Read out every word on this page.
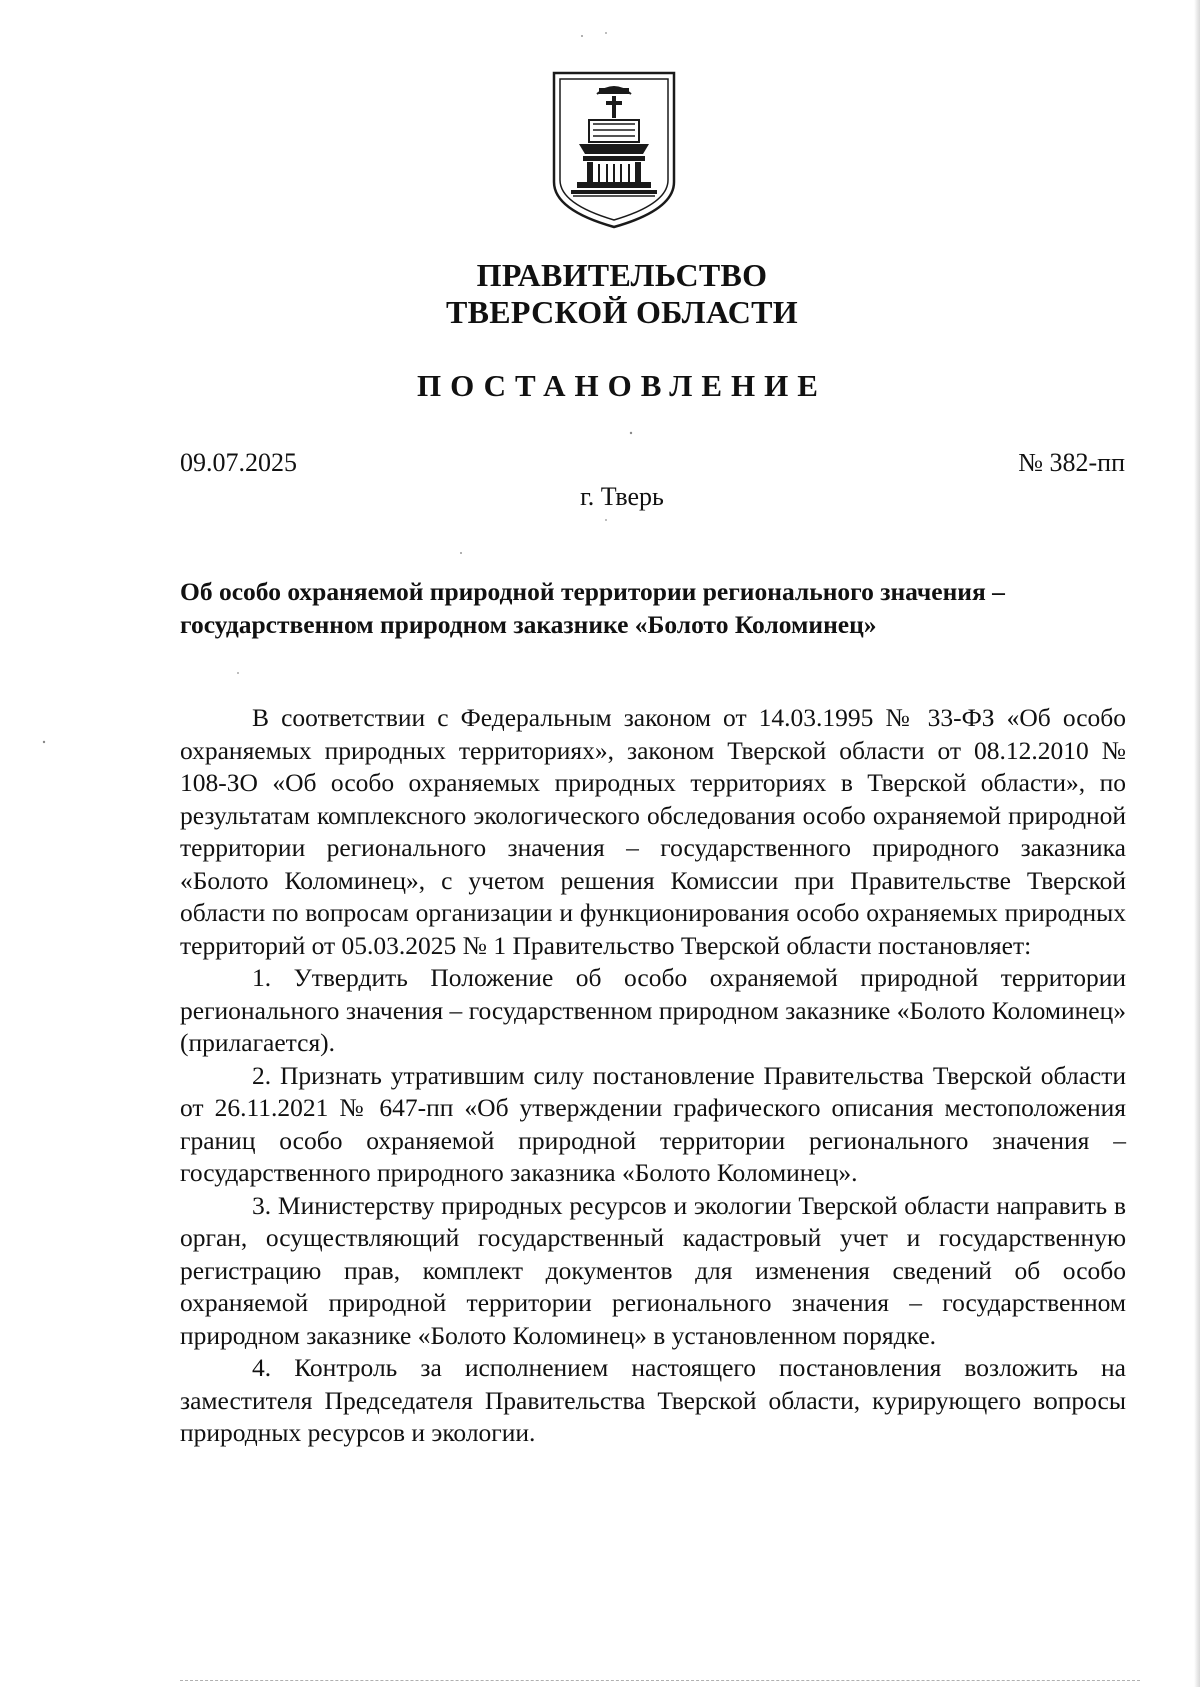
ПРАВИТЕЛЬСТВО
ТВЕРСКОЙ ОБЛАСТИ
ПОСТАНОВЛЕНИЕ
09.07.2025	№ 382-пп
г. Тверь
Об особо охраняемой природной территории регионального значения –
государственном природном заказнике «Болото Коломинец»

В соответствии с Федеральным законом от 14.03.1995 № 33-ФЗ «Об особо охраняемых природных территориях», законом Тверской области от 08.12.2010 № 108-ЗО «Об особо охраняемых природных территориях в Тверской области», по результатам комплексного экологического обследования особо охраняемой природной территории регионального значения – государственного природного заказника «Болото Коломинец», с учетом решения Комиссии при Правительстве Тверской области по вопросам организации и функционирования особо охраняемых природных территорий от 05.03.2025 № 1 Правительство Тверской области постановляет:

1. Утвердить Положение об особо охраняемой природной территории регионального значения – государственном природном заказнике «Болото Коломинец» (прилагается).

2. Признать утратившим силу постановление Правительства Тверской области от 26.11.2021 № 647-пп «Об утверждении графического описания местоположения границ особо охраняемой природной территории регионального значения – государственного природного заказника «Болото Коломинец».

3. Министерству природных ресурсов и экологии Тверской области направить в орган, осуществляющий государственный кадастровый учет и государственную регистрацию прав, комплект документов для изменения сведений об особо охраняемой природной территории регионального значения – государственном природном заказнике «Болото Коломинец» в установленном порядке.

4. Контроль за исполнением настоящего постановления возложить на заместителя Председателя Правительства Тверской области, курирующего вопросы природных ресурсов и экологии.
